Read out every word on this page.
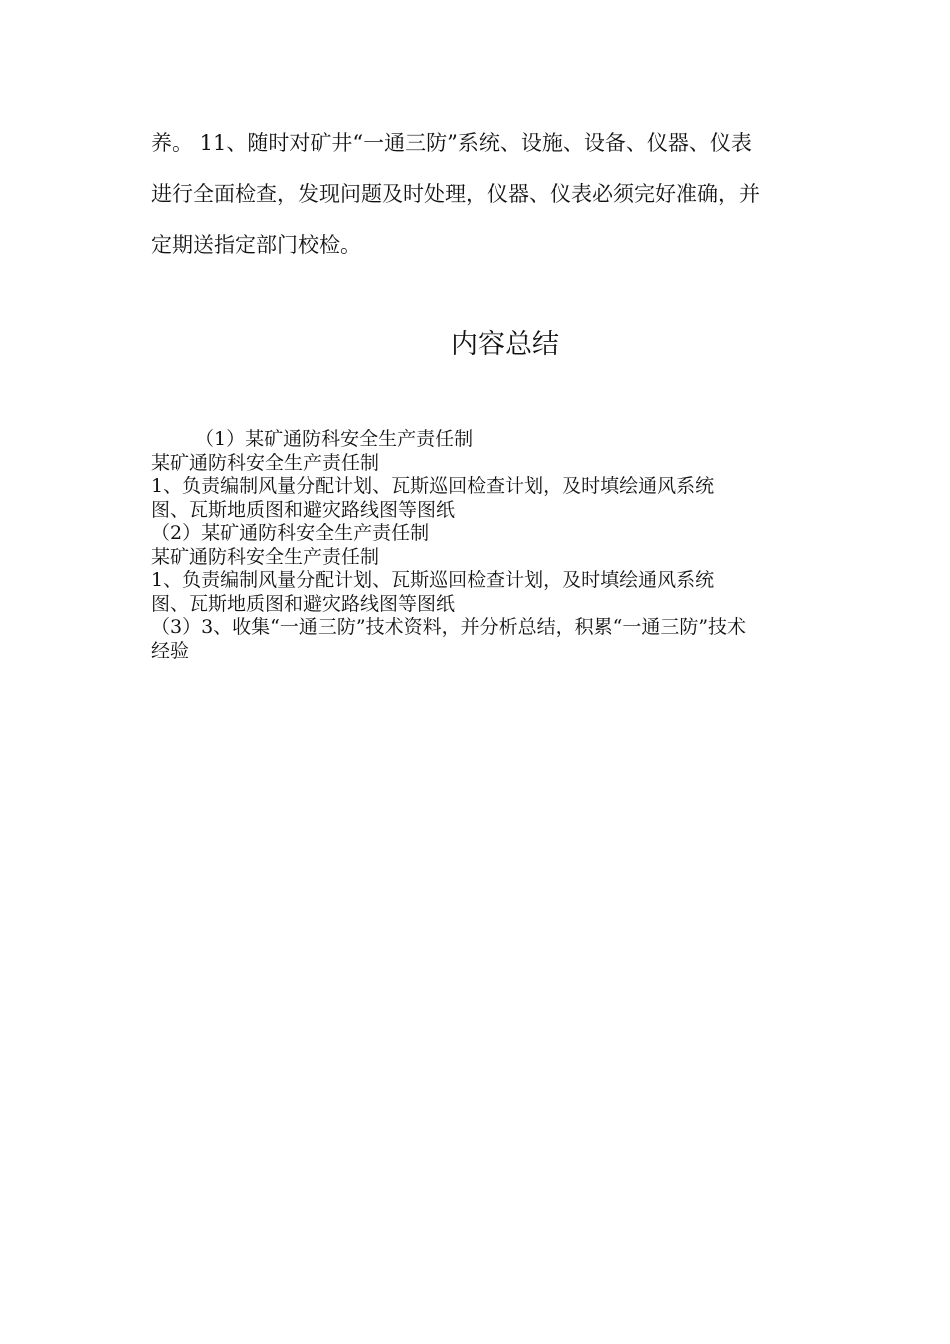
养。 11、随时对矿井“一通三防”系统、设施、设备、仪器、仪表
进行全面检查，发现问题及时处理，仪器、仪表必须完好准确，并
定期送指定部门校检。

内容总结
（1）某矿通防科安全生产责任制
某矿通防科安全生产责任制
1、负责编制风量分配计划、瓦斯巡回检查计划，及时填绘通风系统
图、瓦斯地质图和避灾路线图等图纸
（2）某矿通防科安全生产责任制
某矿通防科安全生产责任制
1、负责编制风量分配计划、瓦斯巡回检查计划，及时填绘通风系统
图、瓦斯地质图和避灾路线图等图纸
（3）3、收集“一通三防”技术资料，并分析总结，积累“一通三防”技术
经验
